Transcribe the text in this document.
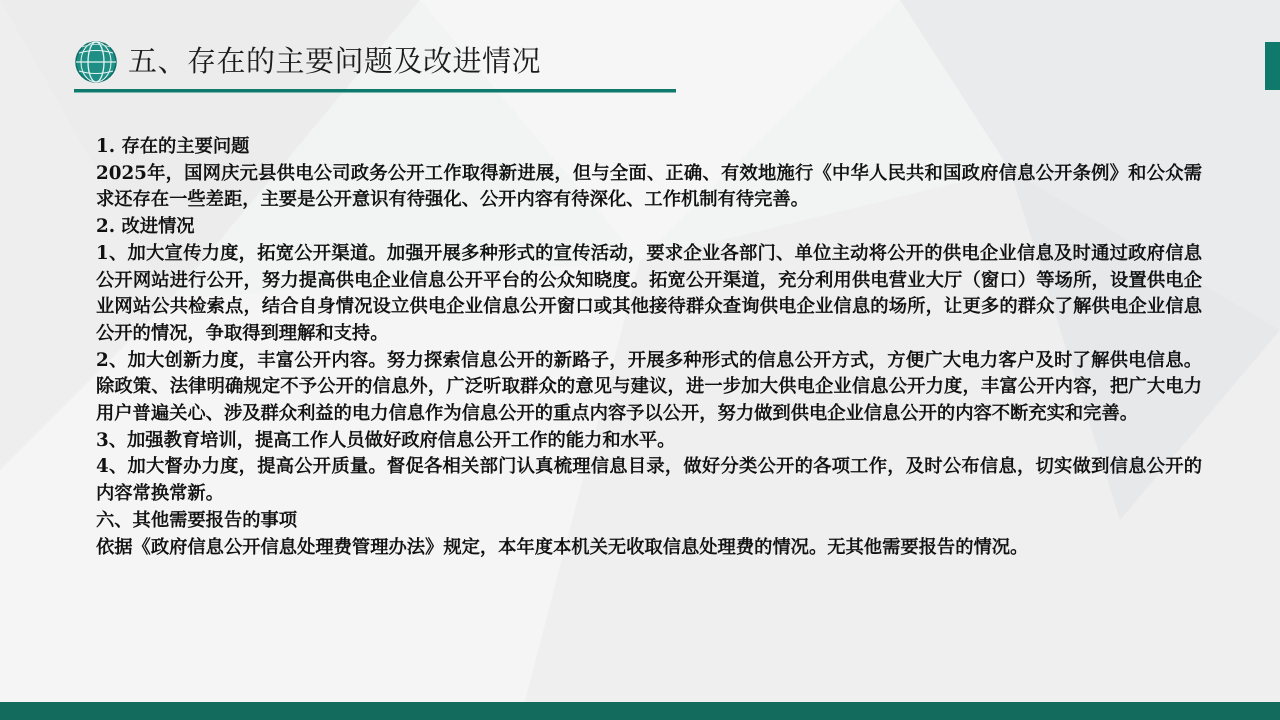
五、存在的主要问题及改进情况

1. 存在的主要问题

2025年，国网庆元县供电公司政务公开工作取得新进展，但与全面、正确、有效地施行《中华人民共和国政府信息公开条例》和公众需求还存在一些差距，主要是公开意识有待强化、公开内容有待深化、工作机制有待完善。

2. 改进情况

1、加大宣传力度，拓宽公开渠道。加强开展多种形式的宣传活动，要求企业各部门、单位主动将公开的供电企业信息及时通过政府信息公开网站进行公开，努力提高供电企业信息公开平台的公众知晓度。拓宽公开渠道，充分利用供电营业大厅（窗口）等场所，设置供电企业网站公共检索点，结合自身情况设立供电企业信息公开窗口或其他接待群众查询供电企业信息的场所，让更多的群众了解供电企业信息公开的情况，争取得到理解和支持。

2、加大创新力度，丰富公开内容。努力探索信息公开的新路子，开展多种形式的信息公开方式，方便广大电力客户及时了解供电信息。除政策、法律明确规定不予公开的信息外，广泛听取群众的意见与建议，进一步加大供电企业信息公开力度，丰富公开内容，把广大电力用户普遍关心、涉及群众利益的电力信息作为信息公开的重点内容予以公开，努力做到供电企业信息公开的内容不断充实和完善。

3、加强教育培训，提高工作人员做好政府信息公开工作的能力和水平。

4、加大督办力度，提高公开质量。督促各相关部门认真梳理信息目录，做好分类公开的各项工作，及时公布信息，切实做到信息公开的内容常换常新。

六、其他需要报告的事项

依据《政府信息公开信息处理费管理办法》规定，本年度本机关无收取信息处理费的情况。无其他需要报告的情况。
